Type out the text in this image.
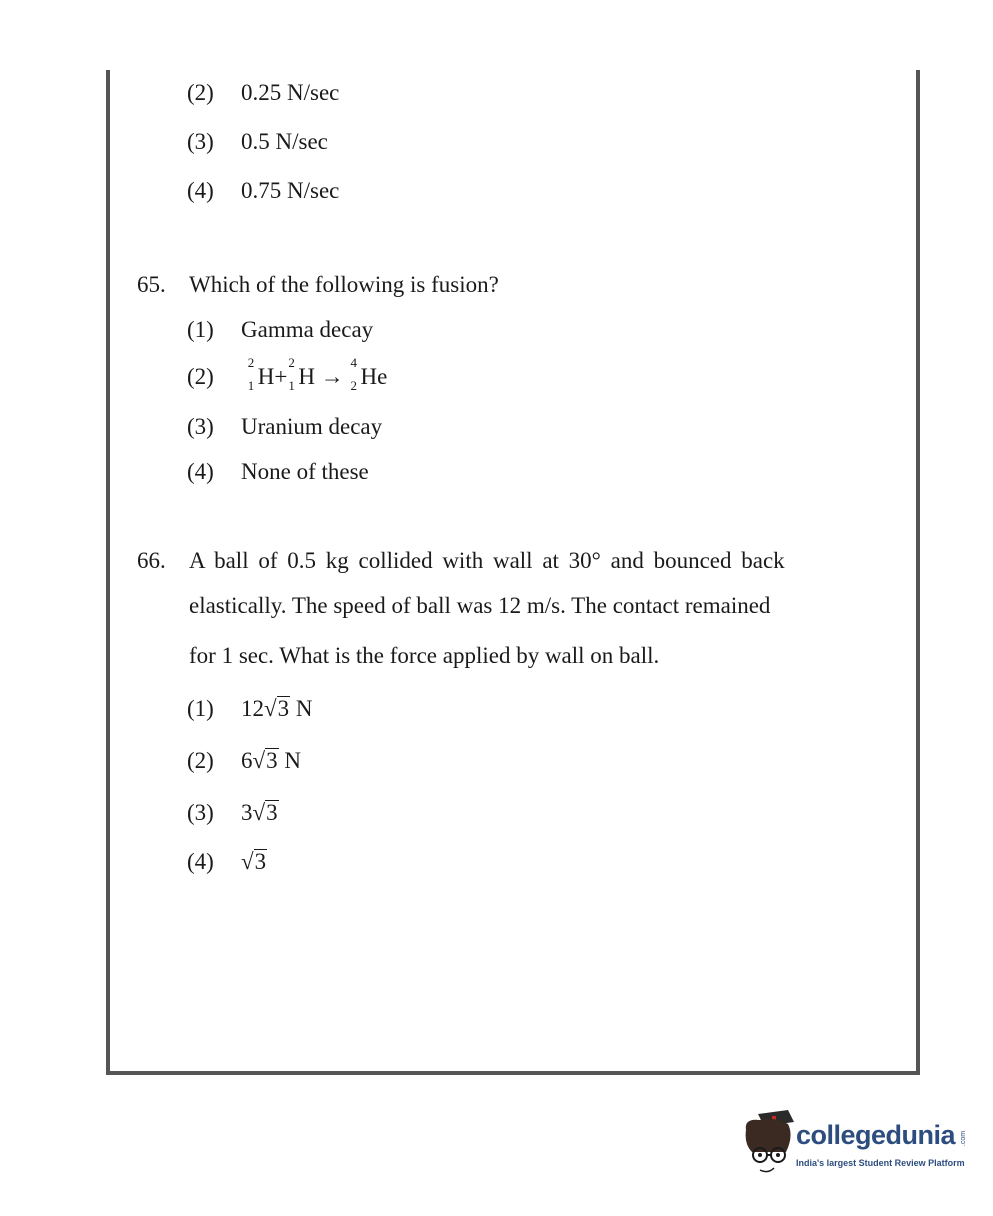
(2) 0.25 N/sec
(3) 0.5 N/sec
(4) 0.75 N/sec
65. Which of the following is fusion?
(1) Gamma decay
(2)
2
1 H+
2
1 H →
4
2 He
(3) Uranium decay
(4) None of these
66. A ball of 0.5 kg collided with wall at 30° and bounced back
elastically. The speed of ball was 12 m/s. The contact remained
for 1 sec. What is the force applied by wall on ball.
(1) 12√3 N
(2) 6√3 N
(3) 3√3
(4) √3
collegedunia .com
India's largest Student Review Platform
